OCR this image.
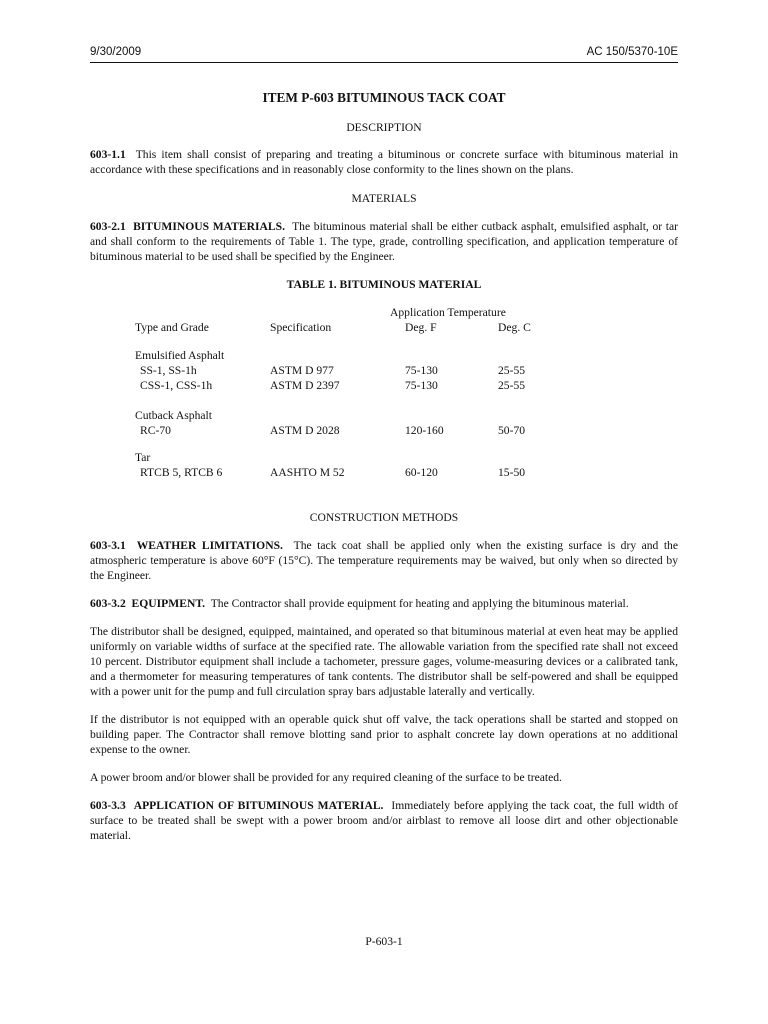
9/30/2009	AC 150/5370-10E

ITEM P-603 BITUMINOUS TACK COAT

DESCRIPTION

603-1.1 This item shall consist of preparing and treating a bituminous or concrete surface with bituminous material in accordance with these specifications and in reasonably close conformity to the lines shown on the plans.

MATERIALS

603-2.1 BITUMINOUS MATERIALS. The bituminous material shall be either cutback asphalt, emulsified asphalt, or tar and shall conform to the requirements of Table 1. The type, grade, controlling specification, and application temperature of bituminous material to be used shall be specified by the Engineer.

TABLE 1. BITUMINOUS MATERIAL

Application Temperature
Type and Grade	Specification	Deg. F	Deg. C
Emulsified Asphalt
SS-1, SS-1h	ASTM D 977	75-130	25-55
CSS-1, CSS-1h	ASTM D 2397	75-130	25-55
Cutback Asphalt
RC-70	ASTM D 2028	120-160	50-70
Tar
RTCB 5, RTCB 6	AASHTO M 52	60-120	15-50

CONSTRUCTION METHODS

603-3.1 WEATHER LIMITATIONS. The tack coat shall be applied only when the existing surface is dry and the atmospheric temperature is above 60°F (15°C). The temperature requirements may be waived, but only when so directed by the Engineer.

603-3.2 EQUIPMENT. The Contractor shall provide equipment for heating and applying the bituminous material.

The distributor shall be designed, equipped, maintained, and operated so that bituminous material at even heat may be applied uniformly on variable widths of surface at the specified rate. The allowable variation from the specified rate shall not exceed 10 percent. Distributor equipment shall include a tachometer, pressure gages, volume-measuring devices or a calibrated tank, and a thermometer for measuring temperatures of tank contents. The distributor shall be self-powered and shall be equipped with a power unit for the pump and full circulation spray bars adjustable laterally and vertically.

If the distributor is not equipped with an operable quick shut off valve, the tack operations shall be started and stopped on building paper. The Contractor shall remove blotting sand prior to asphalt concrete lay down operations at no additional expense to the owner.

A power broom and/or blower shall be provided for any required cleaning of the surface to be treated.

603-3.3 APPLICATION OF BITUMINOUS MATERIAL. Immediately before applying the tack coat, the full width of surface to be treated shall be swept with a power broom and/or airblast to remove all loose dirt and other objectionable material.

P-603-1
